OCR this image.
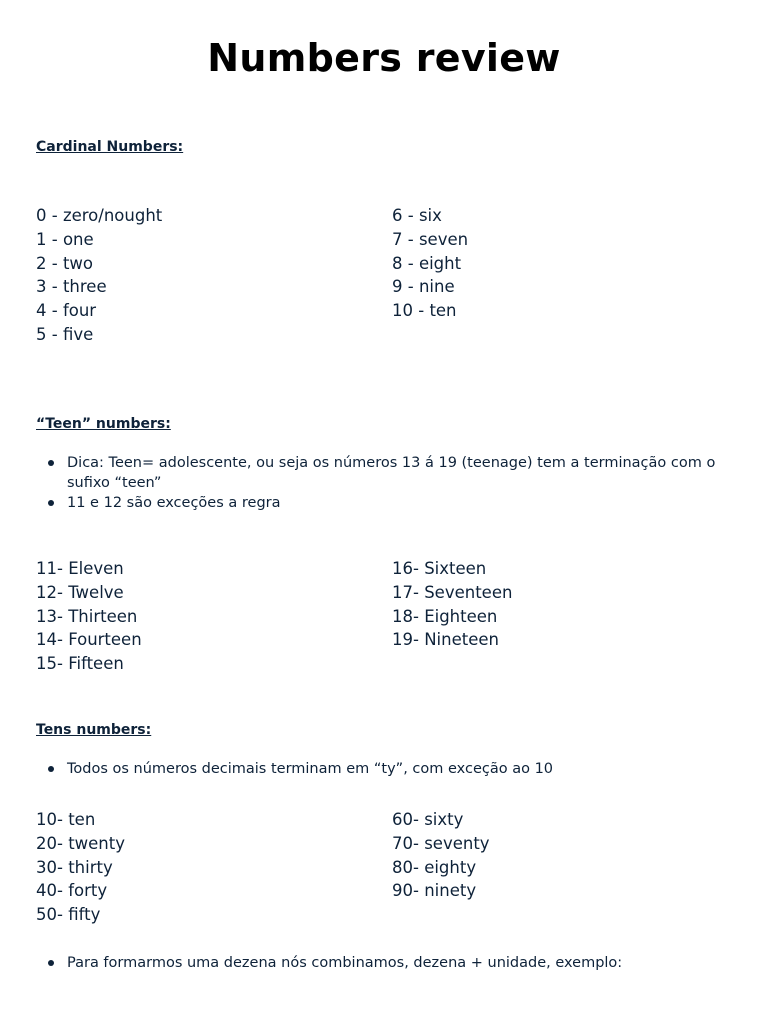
Numbers review
Cardinal Numbers:
0 - zero/nought
1 - one
2 - two
3 - three
4 - four
5 - five
6 - six
7 - seven
8 - eight
9 - nine
10 - ten
“Teen” numbers:
Dica: Teen= adolescente, ou seja os números 13 á 19 (teenage) tem a terminação com o sufixo “teen”
11 e 12 são exceções a regra
11- Eleven
12- Twelve
13- Thirteen
14- Fourteen
15- Fifteen
16- Sixteen
17- Seventeen
18- Eighteen
19- Nineteen
Tens numbers:
Todos os números decimais terminam em “ty”, com exceção ao 10
10- ten
20- twenty
30- thirty
40- forty
50- fifty
60- sixty
70- seventy
80- eighty
90- ninety
Para formarmos uma dezena nós combinamos, dezena + unidade, exemplo:
